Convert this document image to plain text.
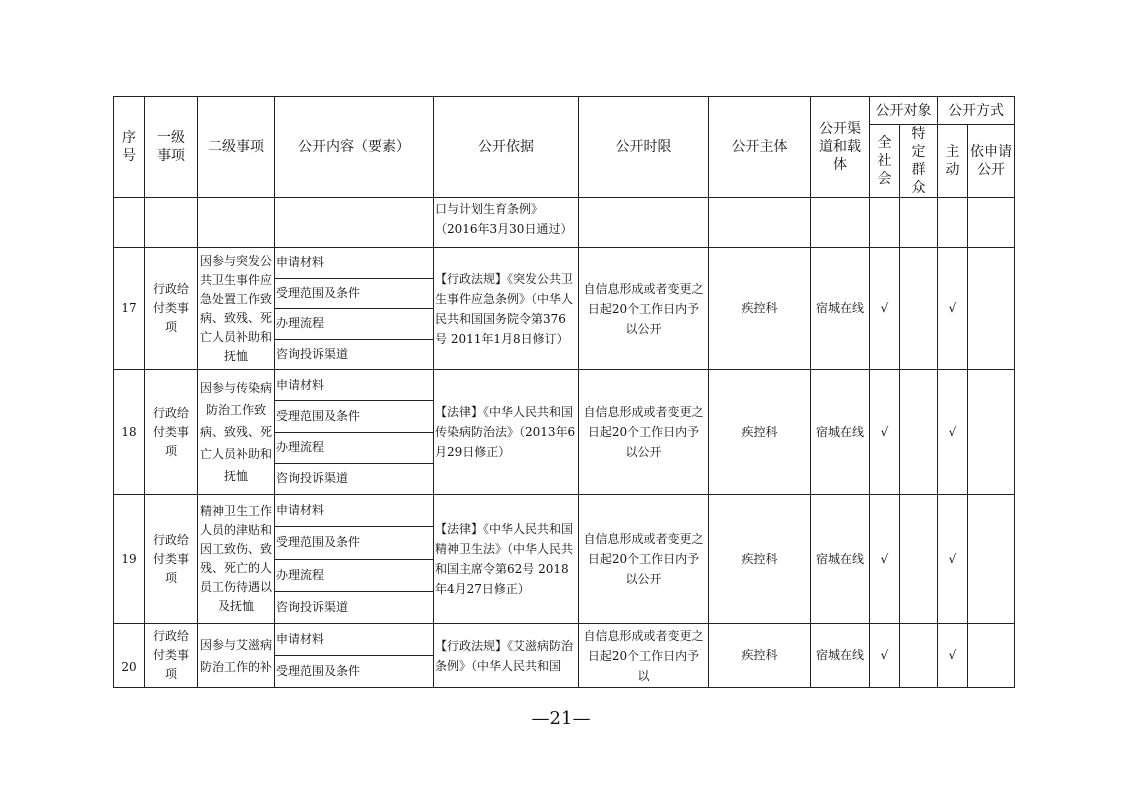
序号	一级事项	二级事项	公开内容（要素）	公开依据	公开时限	公开主体	公开渠道和载体	公开对象		公开方式	
								全社会	特定群众	主动	依申请公开
				口与计划生育条例》（2016年3月30日通过）							
17	行政给付类事项	因参与突发公共卫生事件应急处置工作致病、致残、死亡人员补助和抚恤	申请材料
受理范围及条件
办理流程
咨询投诉渠道	【行政法规】《突发公共卫生事件应急条例》（中华人民共和国国务院令第376号 2011年1月8日修订）	自信息形成或者变更之日起20个工作日内予以公开	疾控科	宿城在线	√		√	
18	行政给付类事项	因参与传染病防治工作致病、致残、死亡人员补助和抚恤	申请材料
受理范围及条件
办理流程
咨询投诉渠道	【法律】《中华人民共和国传染病防治法》（2013年6月29日修正）	自信息形成或者变更之日起20个工作日内予以公开	疾控科	宿城在线	√		√	
19	行政给付类事项	精神卫生工作人员的津贴和因工致伤、致残、死亡的人员工伤待遇以及抚恤	申请材料
受理范围及条件
办理流程
咨询投诉渠道	【法律】《中华人民共和国精神卫生法》（中华人民共和国主席令第62号 2018年4月27日修正）	自信息形成或者变更之日起20个工作日内予以公开	疾控科	宿城在线	√		√	
20	行政给付类事项	因参与艾滋病防治工作的补	申请材料
受理范围及条件	【行政法规】《艾滋病防治条例》（中华人民共和国	自信息形成或者变更之日起20个工作日内予以	疾控科	宿城在线	√		√	
—21—
